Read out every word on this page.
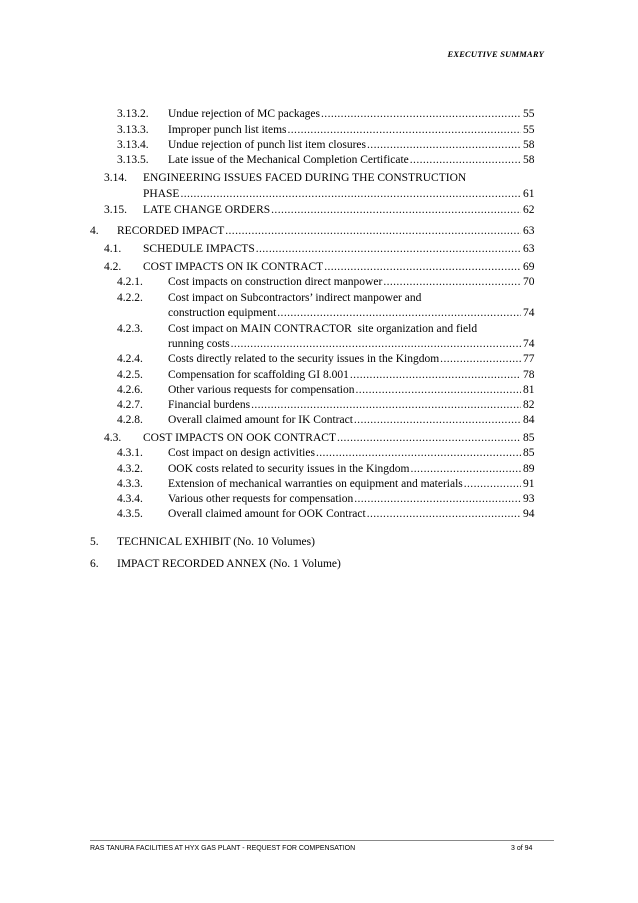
EXECUTIVE SUMMARY
3.13.2. Undue rejection of MC packages .....	55
3.13.3. Improper punch list items .....	55
3.13.4. Undue rejection of punch list item closures .....	58
3.13.5. Late issue of the Mechanical Completion Certificate .....	58
3.14. ENGINEERING ISSUES FACED DURING THE CONSTRUCTION
PHASE .....	61
3.15. LATE CHANGE ORDERS .....	62
4. RECORDED IMPACT .....	63
4.1. SCHEDULE IMPACTS .....	63
4.2. COST IMPACTS ON IK CONTRACT .....	69
4.2.1. Cost impacts on construction direct manpower .....	70
4.2.2. Cost impact on Subcontractors’ indirect manpower and
construction equipment .....	74
4.2.3. Cost impact on MAIN CONTRACTOR  site organization and field
running costs .....	74
4.2.4. Costs directly related to the security issues in the Kingdom .....	77
4.2.5. Compensation for scaffolding GI 8.001 .....	78
4.2.6. Other various requests for compensation .....	81
4.2.7. Financial burdens .....	82
4.2.8. Overall claimed amount for IK Contract .....	84
4.3. COST IMPACTS ON OOK CONTRACT .....	85
4.3.1. Cost impact on design activities .....	85
4.3.2. OOK costs related to security issues in the Kingdom .....	89
4.3.3. Extension of mechanical warranties on equipment and materials .....	91
4.3.4. Various other requests for compensation .....	93
4.3.5. Overall claimed amount for OOK Contract .....	94
5. TECHNICAL EXHIBIT (No. 10 Volumes)
6. IMPACT RECORDED ANNEX (No. 1 Volume)
RAS TANURA FACILITIES AT HYX GAS PLANT - REQUEST FOR COMPENSATION	3 of 94
